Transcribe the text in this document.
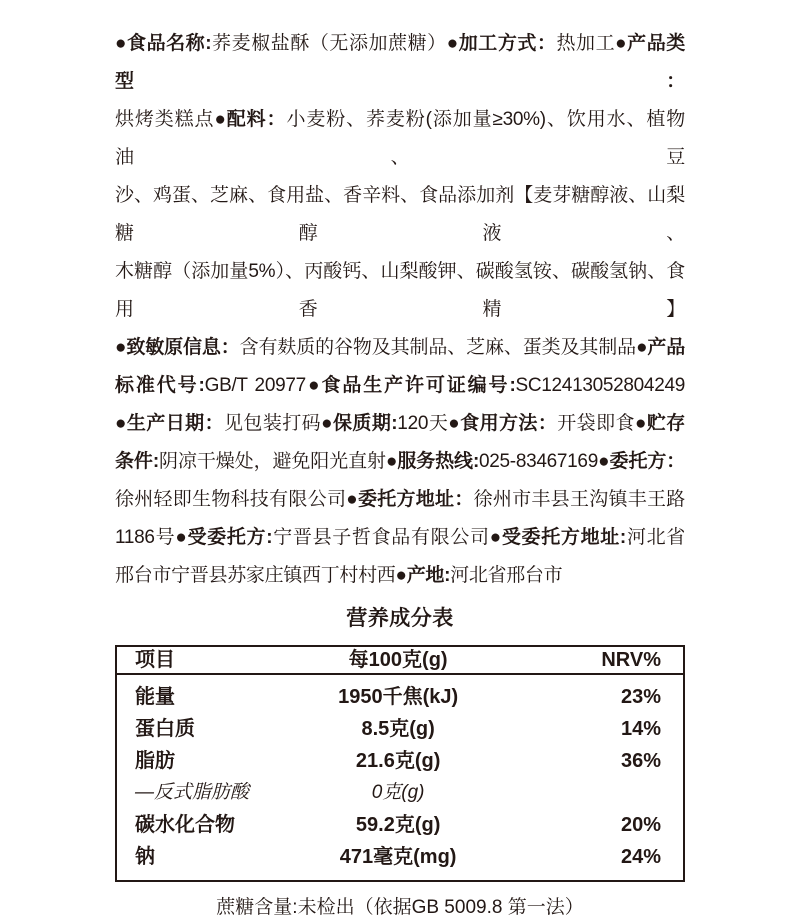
●食品名称:荞麦椒盐酥（无添加蔗糖）●加工方式：热加工●产品类型：
烘烤类糕点●配料：小麦粉、荞麦粉(添加量≥30%)、饮用水、植物油、豆
沙、鸡蛋、芝麻、食用盐、香辛料、食品添加剂【麦芽糖醇液、山梨糖醇液、
木糖醇（添加量5%）、丙酸钙、山梨酸钾、碳酸氢铵、碳酸氢钠、食用香精】
●致敏原信息：含有麸质的谷物及其制品、芝麻、蛋类及其制品●产品
标准代号:GB/T 20977●食品生产许可证编号:SC12413052804249
●生产日期：见包装打码●保质期:120天●食用方法：开袋即食●贮存
条件:阴凉干燥处，避免阳光直射●服务热线:025-83467169●委托方：
徐州轻即生物科技有限公司●委托方地址：徐州市丰县王沟镇丰王路
1186号●受委托方:宁晋县子哲食品有限公司●受委托方地址:河北省
邢台市宁晋县苏家庄镇西丁村村西●产地:河北省邢台市
营养成分表
项目	每100克(g)	NRV%
能量	1950千焦(kJ)	23%
蛋白质	8.5克(g)	14%
脂肪	21.6克(g)	36%
—反式脂肪酸	0克(g)	
碳水化合物	59.2克(g)	20%
钠	471毫克(mg)	24%

蔗糖含量:未检出（依据GB 5009.8 第一法）
